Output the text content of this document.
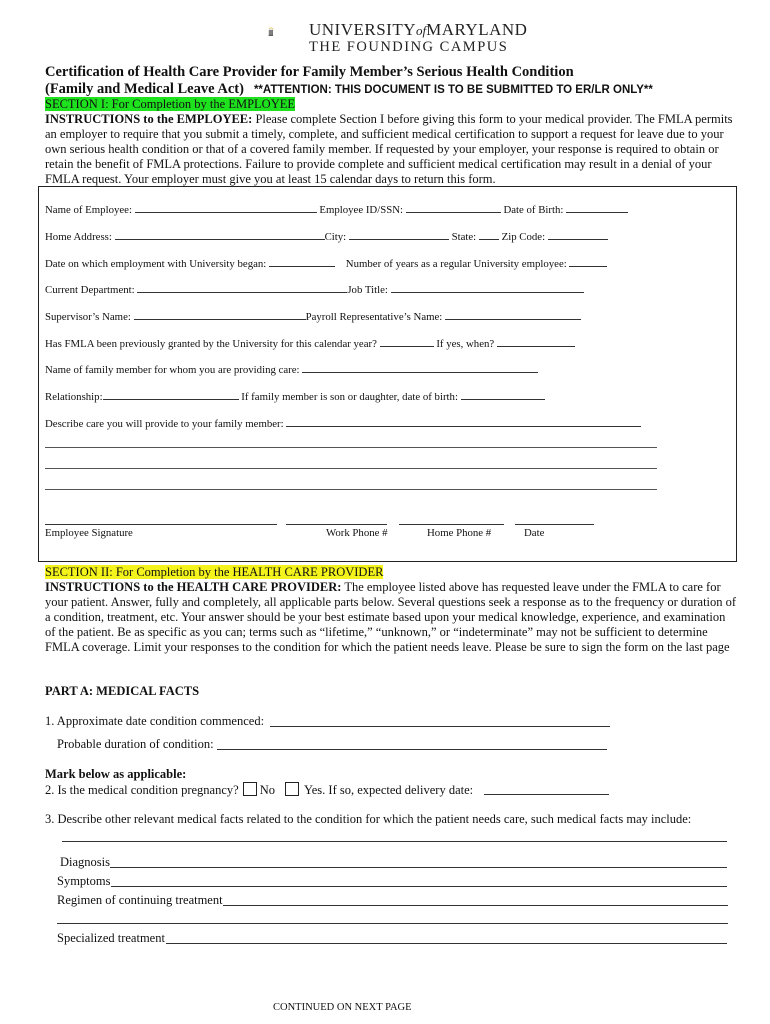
UNIVERSITYofMARYLAND
THE FOUNDING CAMPUS
Certification of Health Care Provider for Family Member’s Serious Health Condition
(Family and Medical Leave Act) **ATTENTION: THIS DOCUMENT IS TO BE SUBMITTED TO ER/LR ONLY**
SECTION I: For Completion by the EMPLOYEE
INSTRUCTIONS to the EMPLOYEE: Please complete Section I before giving this form to your medical provider. The FMLA permits an employer to require that you submit a timely, complete, and sufficient medical certification to support a request for leave due to your own serious health condition or that of a covered family member. If requested by your employer, your response is required to obtain or retain the benefit of FMLA protections. Failure to provide complete and sufficient medical certification may result in a denial of your FMLA request. Your employer must give you at least 15 calendar days to return this form.
Name of Employee:	Employee ID/SSN:	Date of Birth:
Home Address:	City:	State: Zip Code:
Date on which employment with University began:	Number of years as a regular University employee:
Current Department:	Job Title:
Supervisor’s Name:	Payroll Representative’s Name:
Has FMLA been previously granted by the University for this calendar year?	If yes, when?
Name of family member for whom you are providing care:
Relationship:	If family member is son or daughter, date of birth:
Describe care you will provide to your family member:
Employee Signature	Work Phone #	Home Phone #	Date
SECTION II: For Completion by the HEALTH CARE PROVIDER
INSTRUCTIONS to the HEALTH CARE PROVIDER: The employee listed above has requested leave under the FMLA to care for your patient. Answer, fully and completely, all applicable parts below. Several questions seek a response as to the frequency or duration of a condition, treatment, etc. Your answer should be your best estimate based upon your medical knowledge, experience, and examination of the patient. Be as specific as you can; terms such as “lifetime,” “unknown,” or “indeterminate” may not be sufficient to determine FMLA coverage. Limit your responses to the condition for which the patient needs leave. Please be sure to sign the form on the last page
PART A: MEDICAL FACTS
1. Approximate date condition commenced:
Probable duration of condition:
Mark below as applicable:
2. Is the medical condition pregnancy? No Yes. If so, expected delivery date:
3. Describe other relevant medical facts related to the condition for which the patient needs care, such medical facts may include:
Diagnosis
Symptoms
Regimen of continuing treatment
Specialized treatment
CONTINUED ON NEXT PAGE
